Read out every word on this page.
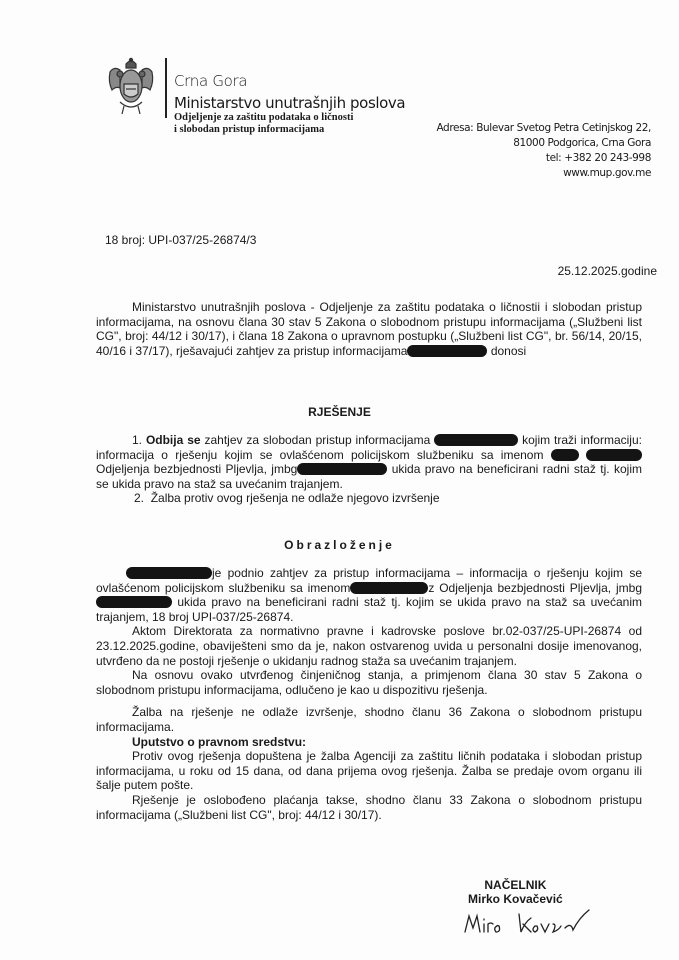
Crna Gora
Ministarstvo unutrašnjih poslova
Odjeljenje za zaštitu podataka o ličnosti
i slobodan pristup informacijama	Adresa: Bulevar Svetog Petra Cetinjskog 22,
81000 Podgorica, Crna Gora
tel: +382 20 243-998
www.mup.gov.me
18 broj: UPI-037/25-26874/3
25.12.2025.godine

Ministarstvo unutrašnjih poslova - Odjeljenje za zaštitu podataka o ličnostii i slobodan pristup informacijama, na osnovu člana 30 stav 5 Zakona o slobodnom pristupu informacijama („Službeni list CG", broj: 44/12 i 30/17), i člana 18 Zakona o upravnom postupku („Službeni list CG", br. 56/14, 20/15, 40/16 i 37/17), rješavajući zahtjev za pristup informacijama	donosi

RJEŠENJE

1. Odbija se zahtjev za slobodan pristup informacijama	kojim traži informaciju: informacija o rješenju kojim se ovlašćenom policijskom službeniku sa imenom   Odjeljenja bezbjednosti Pljevlja, jmbg	ukida pravo na beneficirani radni staž tj. kojim se ukida pravo na staž sa uvećanim trajanjem.

2. Žalba protiv ovog rješenja ne odlaže njegovo izvršenje

Obrazloženje

je podnio zahtjev za pristup informacijama – informacija o rješenju kojim se ovlašćenom policijskom službeniku sa imenom	z Odjeljenja bezbjednosti Pljevlja, jmbg  ukida pravo na beneficirani radni staž tj. kojim se ukida pravo na staž sa uvećanim trajanjem, 18 broj UPI-037/25-26874.

Aktom Direktorata za normativno pravne i kadrovske poslove br.02-037/25-UPI-26874 od 23.12.2025.godine, obaviješteni smo da je, nakon ostvarenog uvida u personalni dosije imenovanog, utvrđeno da ne postoji rješenje o ukidanju radnog staža sa uvećanim trajanjem.

Na osnovu ovako utvrđenog činjeničnog stanja, a primjenom člana 30 stav 5 Zakona o slobodnom pristupu informacijama, odlučeno je kao u dispozitivu rješenja.

Žalba na rješenje ne odlaže izvršenje, shodno članu 36 Zakona o slobodnom pristupu informacijama.

Uputstvo o pravnom sredstvu:

Protiv ovog rješenja dopuštena je žalba Agenciji za zaštitu ličnih podataka i slobodan pristup informacijama, u roku od 15 dana, od dana prijema ovog rješenja. Žalba se predaje ovom organu ili šalje putem pošte.

Rješenje je oslobođeno plaćanja takse, shodno članu 33 Zakona o slobodnom pristupu informacijama („Službeni list CG", broj: 44/12 i 30/17).

NAČELNIK
Mirko Kovačević
